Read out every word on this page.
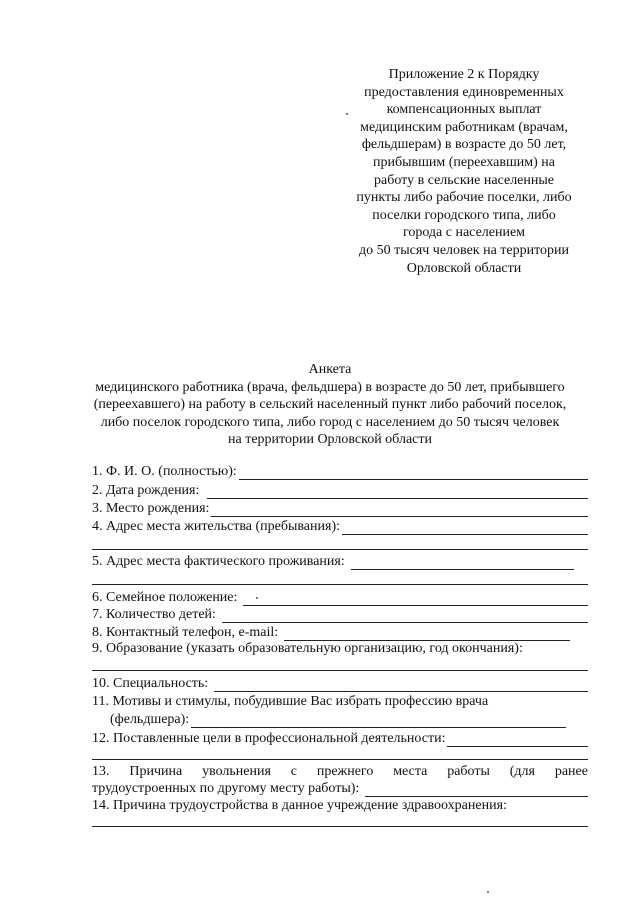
Приложение 2 к Порядку
предоставления единовременных
компенсационных выплат
медицинским работникам (врачам,
фельдшерам) в возрасте до 50 лет,
прибывшим (переехавшим) на
работу в сельские населенные
пункты либо рабочие поселки, либо
поселки городского типа, либо
города с населением
до 50 тысяч человек на территории
Орловской области
Анкета
медицинского работника (врача, фельдшера) в возрасте до 50 лет, прибывшего
(переехавшего) на работу в сельский населенный пункт либо рабочий поселок,
либо поселок городского типа, либо город с населением до 50 тысяч человек
на территории Орловской области
1. Ф. И. О. (полностью):
2. Дата рождения:
3. Место рождения:
4. Адрес места жительства (пребывания):
5. Адрес места фактического проживания:
6. Семейное положение:
7. Количество детей:
8. Контактный телефон, e-mail:
9. Образование (указать образовательную организацию, год окончания):
10. Специальность:
11. Мотивы и стимулы, побудившие Вас избрать профессию врача
(фельдшера):
12. Поставленные цели в профессиональной деятельности:
13. Причина увольнения с прежнего места работы (для ранее
трудоустроенных по другому месту работы):
14. Причина трудоустройства в данное учреждение здравоохранения:
